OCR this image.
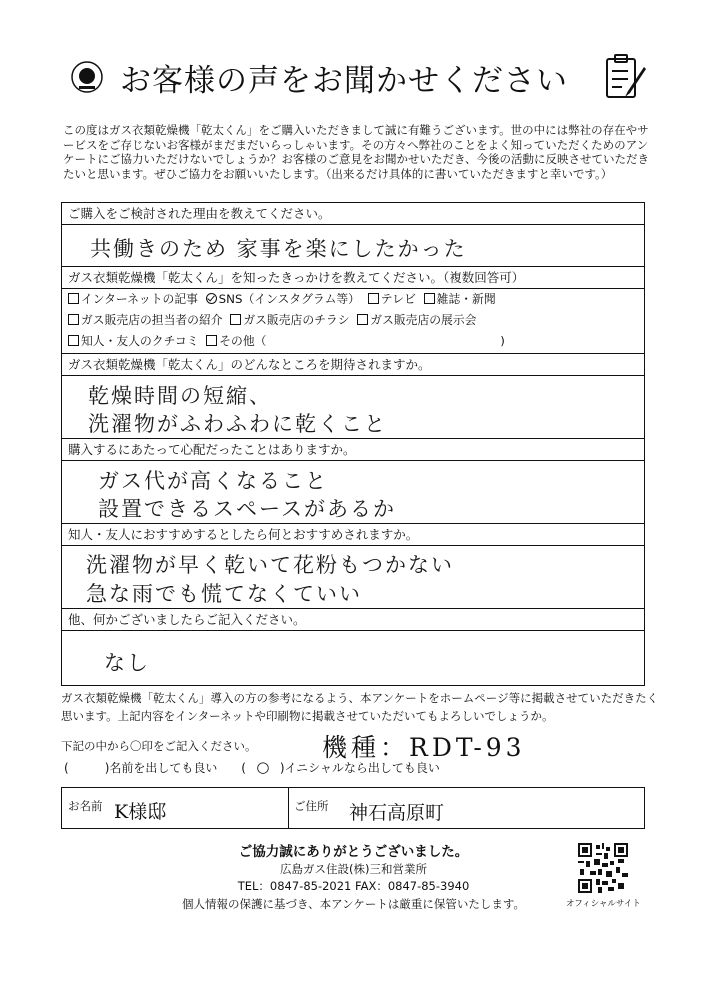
お客様の声をお聞かせください
この度はガス衣類乾燥機「乾太くん」をご購入いただきまして誠に有難うございます。世の中には弊社の存在やサービスをご存じないお客様がまだまだいらっしゃいます。その方々へ弊社のことをよく知っていただくためのアンケートにご協力いただけないでしょうか？お客様のご意見をお聞かせいただき、今後の活動に反映させていただきたいと思います。ぜひご協力をお願いいたします。（出来るだけ具体的に書いていただきますと幸いです。）
ご購入をご検討された理由を教えてください。
共働きのため 家事を楽にしたかった
ガス衣類乾燥機「乾太くん」を知ったきっかけを教えてください。（複数回答可）
インターネットの記事 SNS（インスタグラム等） テレビ 雑誌・新聞
ガス販売店の担当者の紹介 ガス販売店のチラシ ガス販売店の展示会
知人・友人のクチコミ その他（	)
ガス衣類乾燥機「乾太くん」のどんなところを期待されますか。
乾燥時間の短縮、
洗濯物がふわふわに乾くこと
購入するにあたって心配だったことはありますか。
ガス代が高くなること
設置できるスペースがあるか
知人・友人におすすめするとしたら何とおすすめされますか。
洗濯物が早く乾いて花粉もつかない
急な雨でも慌てなくていい
他、何かございましたらご記入ください。
なし
ガス衣類乾燥機「乾太くん」導入の方の参考になるよう、本アンケートをホームページ等に掲載させていただきたく思います。上記内容をインターネットや印刷物に掲載させていただいてもよろしいでしょうか。
下記の中から〇印をご記入ください。	機種：RDT-93
(	)名前を出しても良い ( ○ )イニシャルなら出しても良い
お名前 K様邸	ご住所 神石高原町
ご協力誠にありがとうございました。
広島ガス住設(株)三和営業所
TEL：0847-85-2021 FAX：0847-85-3940
個人情報の保護に基づき、本アンケートは厳重に保管いたします。	オフィシャルサイト
